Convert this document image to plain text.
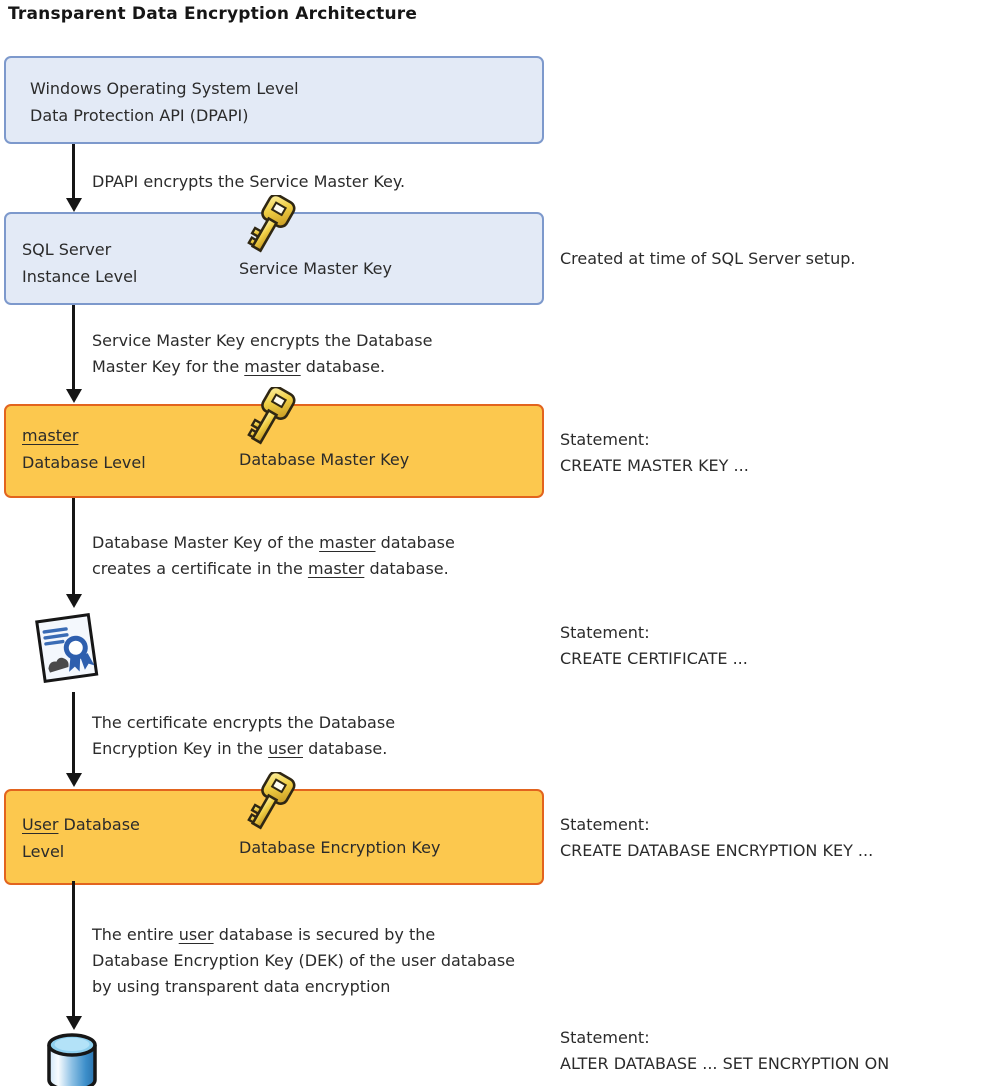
Transparent Data Encryption Architecture
Windows Operating System Level
Data Protection API (DPAPI)
DPAPI encrypts the Service Master Key.
SQL Server
Instance Level	Service Master Key
Created at time of SQL Server setup.
Service Master Key encrypts the Database
Master Key for the master database.
master
Database Level	Database Master Key
Statement:
CREATE MASTER KEY ...
Database Master Key of the master database
creates a certificate in the master database.
Statement:
CREATE CERTIFICATE ...
The certificate encrypts the Database
Encryption Key in the user database.
User Database
Level	Database Encryption Key
Statement:
CREATE DATABASE ENCRYPTION KEY ...
The entire user database is secured by the
Database Encryption Key (DEK) of the user database
by using transparent data encryption
Statement:
ALTER DATABASE ... SET ENCRYPTION ON
